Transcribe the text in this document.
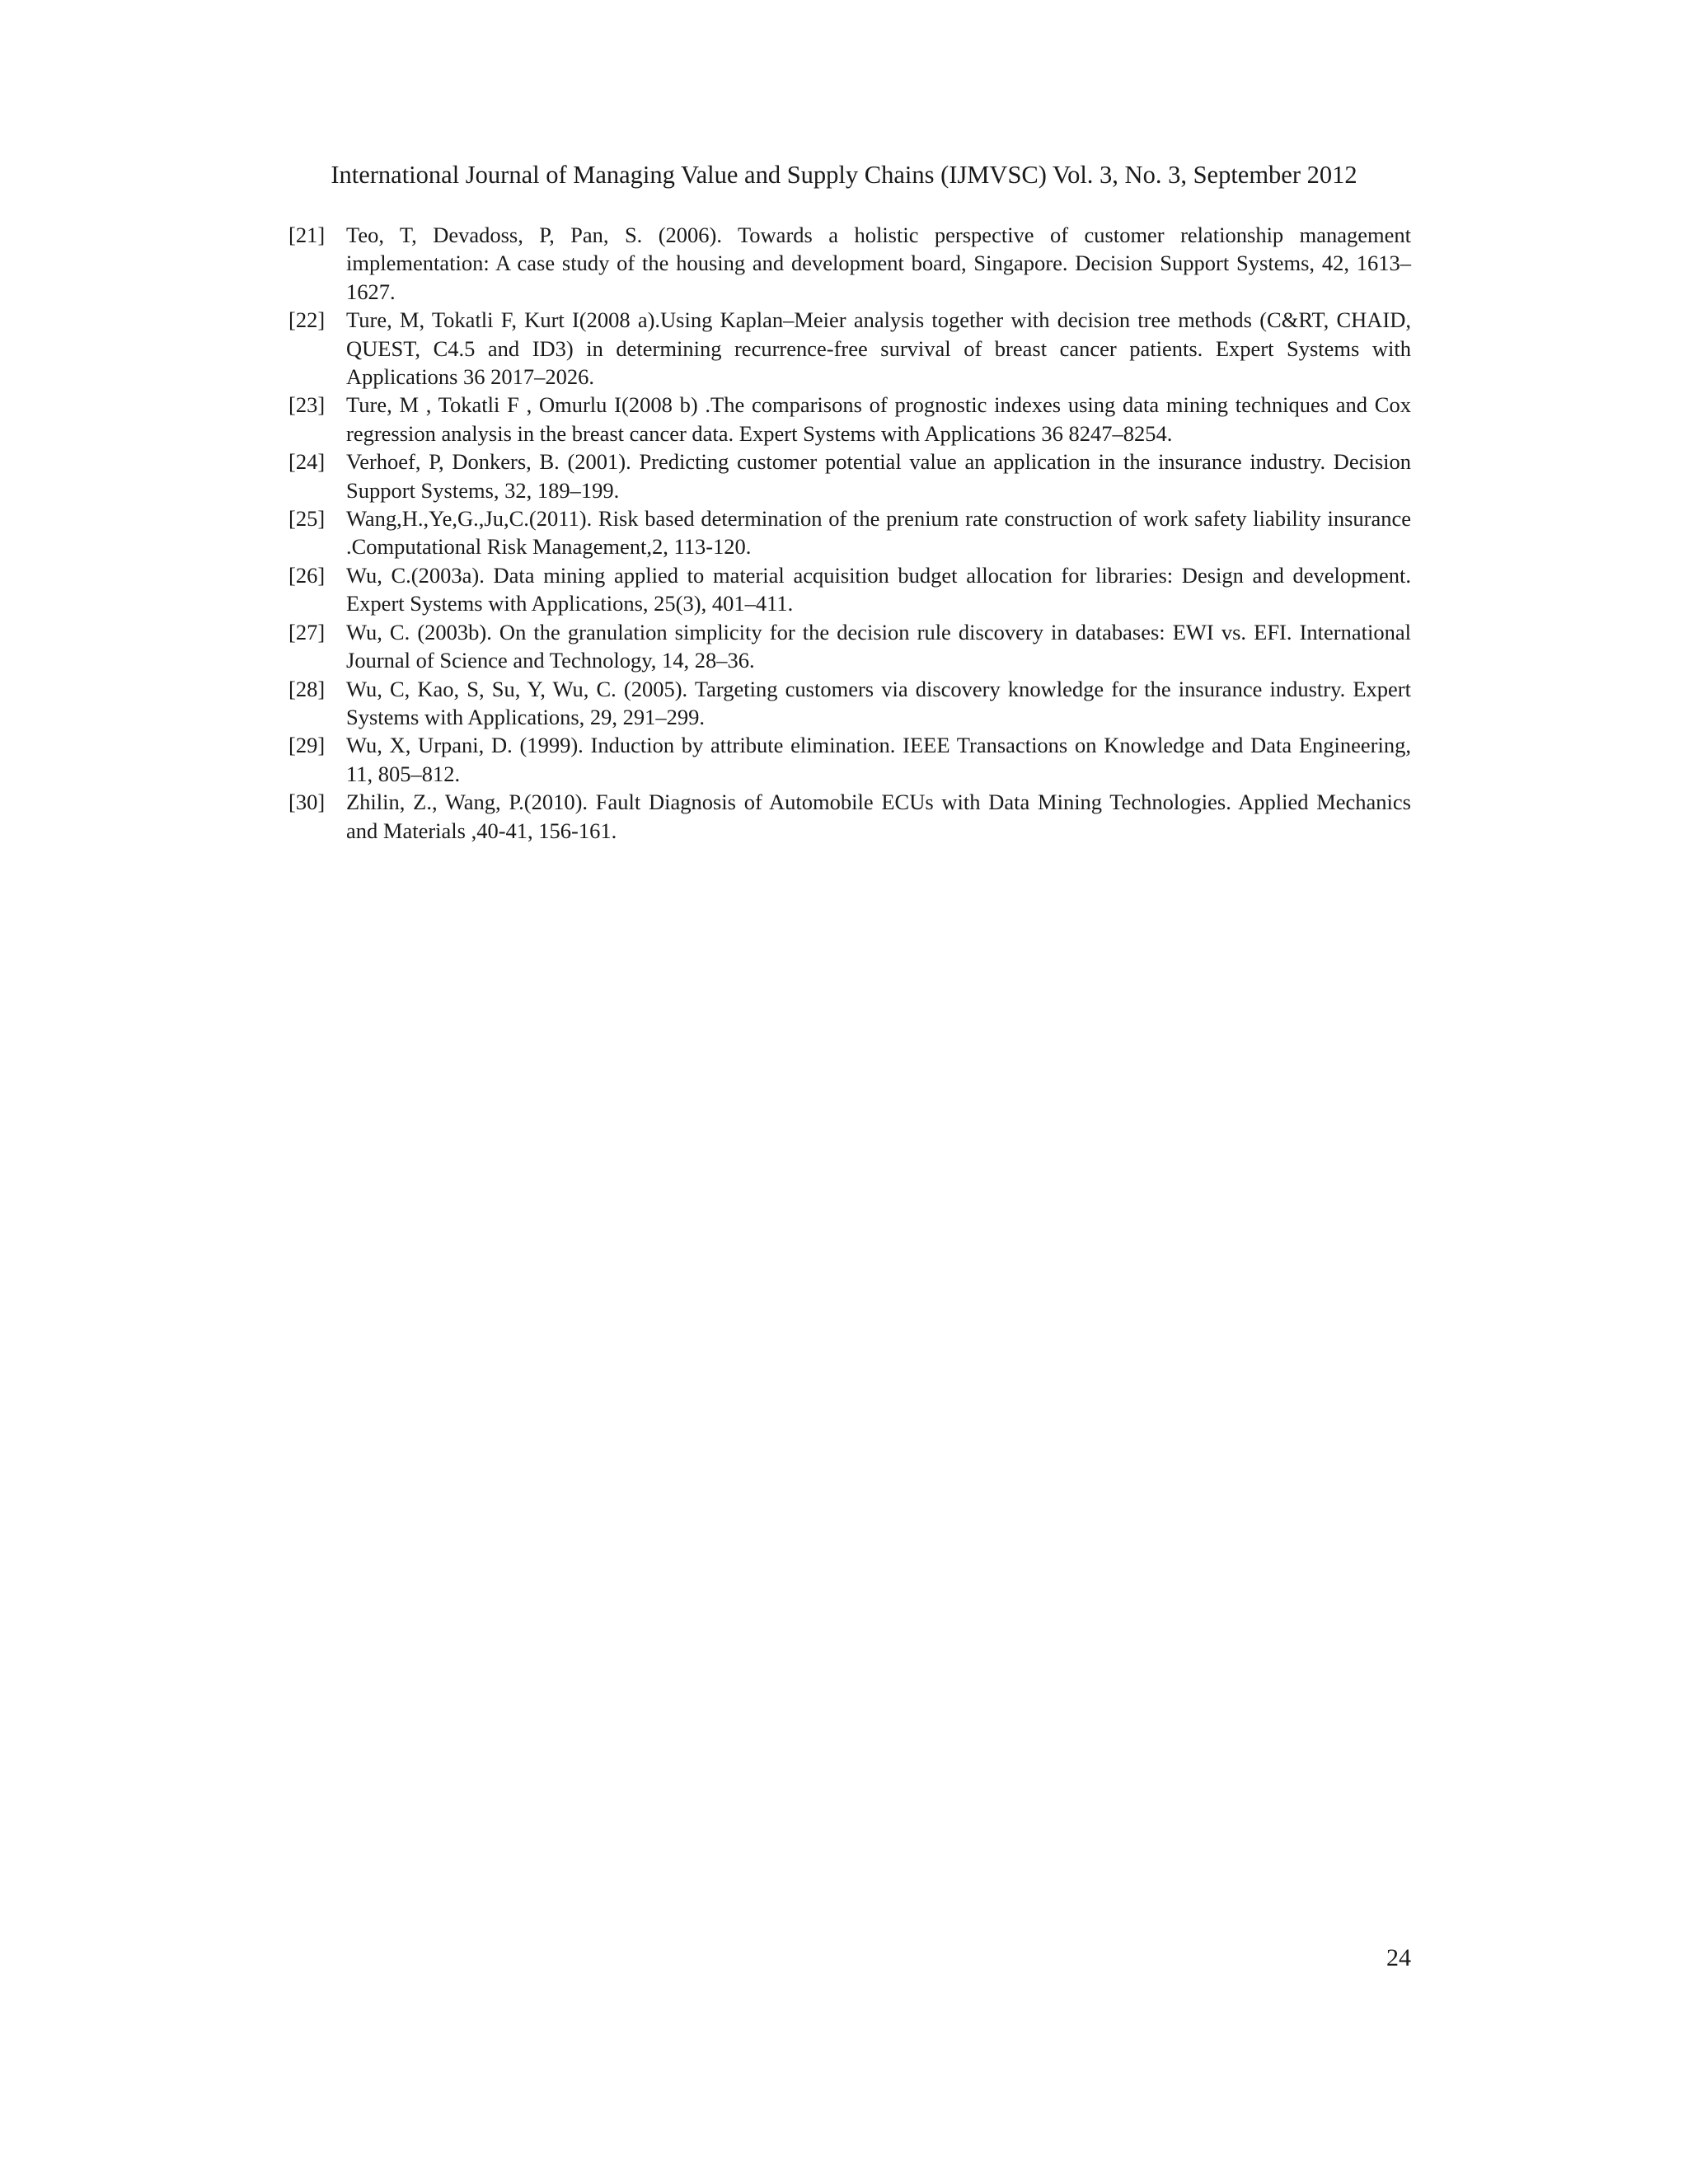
International Journal of Managing Value and Supply Chains (IJMVSC) Vol. 3, No. 3, September 2012
[21] Teo, T, Devadoss, P, Pan, S. (2006). Towards a holistic perspective of customer relationship management implementation: A case study of the housing and development board, Singapore. Decision Support Systems, 42, 1613–1627.
[22] Ture, M, Tokatli F, Kurt I(2008 a).Using Kaplan–Meier analysis together with decision tree methods (C&RT, CHAID, QUEST, C4.5 and ID3) in determining recurrence-free survival of breast cancer patients. Expert Systems with Applications 36 2017–2026.
[23] Ture, M , Tokatli F , Omurlu I(2008 b) .The comparisons of prognostic indexes using data mining techniques and Cox regression analysis in the breast cancer data. Expert Systems with Applications 36 8247–8254.
[24] Verhoef, P, Donkers, B. (2001). Predicting customer potential value an application in the insurance industry. Decision Support Systems, 32, 189–199.
[25] Wang,H.,Ye,G.,Ju,C.(2011). Risk based determination of the prenium rate construction of work safety liability insurance .Computational Risk Management,2, 113-120.
[26] Wu, C.(2003a). Data mining applied to material acquisition budget allocation for libraries: Design and development. Expert Systems with Applications, 25(3), 401–411.
[27] Wu, C. (2003b). On the granulation simplicity for the decision rule discovery in databases: EWI vs. EFI. International Journal of Science and Technology, 14, 28–36.
[28] Wu, C, Kao, S, Su, Y, Wu, C. (2005). Targeting customers via discovery knowledge for the insurance industry. Expert Systems with Applications, 29, 291–299.
[29] Wu, X, Urpani, D. (1999). Induction by attribute elimination. IEEE Transactions on Knowledge and Data Engineering, 11, 805–812.
[30] Zhilin, Z., Wang, P.(2010). Fault Diagnosis of Automobile ECUs with Data Mining Technologies. Applied Mechanics and Materials ,40-41, 156-161.
24
